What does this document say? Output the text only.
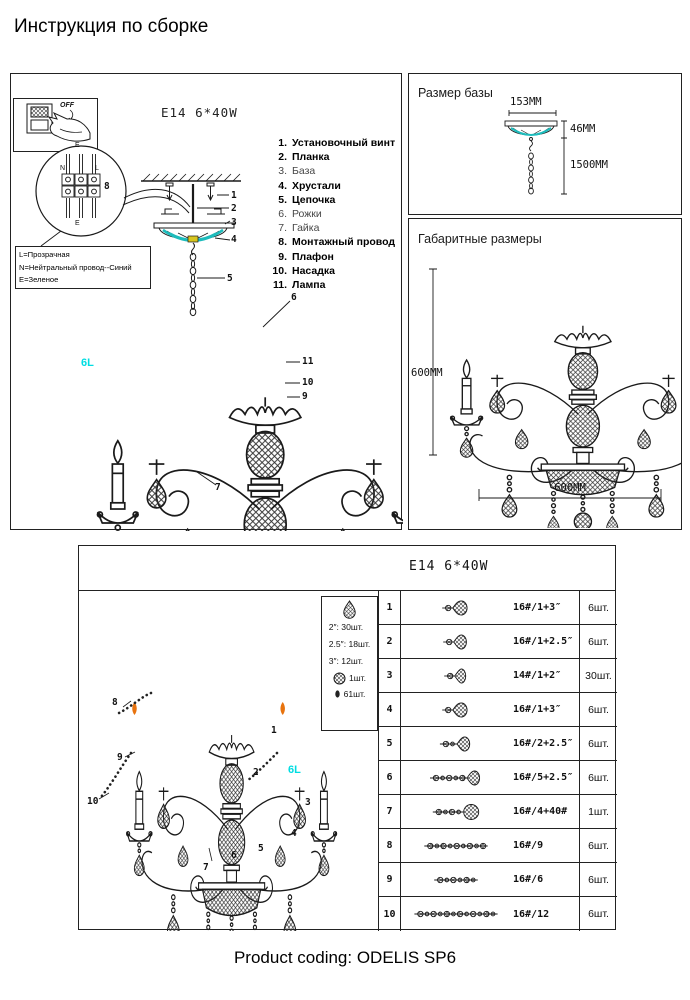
Инструкция по сборке
E14 6*40W
OFF
L=Прозрачная
N=Нейтральный провод--Синий
E=Зеленое
1. Установочный винт
2. Планка
3. База
4. Хрустали
5. Цепочка
6. Рожки
7. Гайка
8. Монтажный провод
9. Плафон
10. Насадка
11. Лампа
E
N	L
E
8
1
2
3
4
5
6
11
10
9
7
6L
Размер базы
153MM
46MM
1500MM
Габаритные размеры
600MM
600MM
E14 6*40W
8
9
10
1
2	6L
3
4
5
6
7
2″: 30шт.
2.5″: 18шт.
3″: 12шт.
1шт.
61шт.
1	16#/1+3″	6шт.
2	16#/1+2.5″	6шт.
3	14#/1+2″	30шт.
4	16#/1+3″	6шт.
5	16#/2+2.5″	6шт.
6	16#/5+2.5″	6шт.
7	16#/4+40#	1шт.
8	16#/9	6шт.
9	16#/6	6шт.
10	16#/12	6шт.
Product coding: ODELIS SP6
